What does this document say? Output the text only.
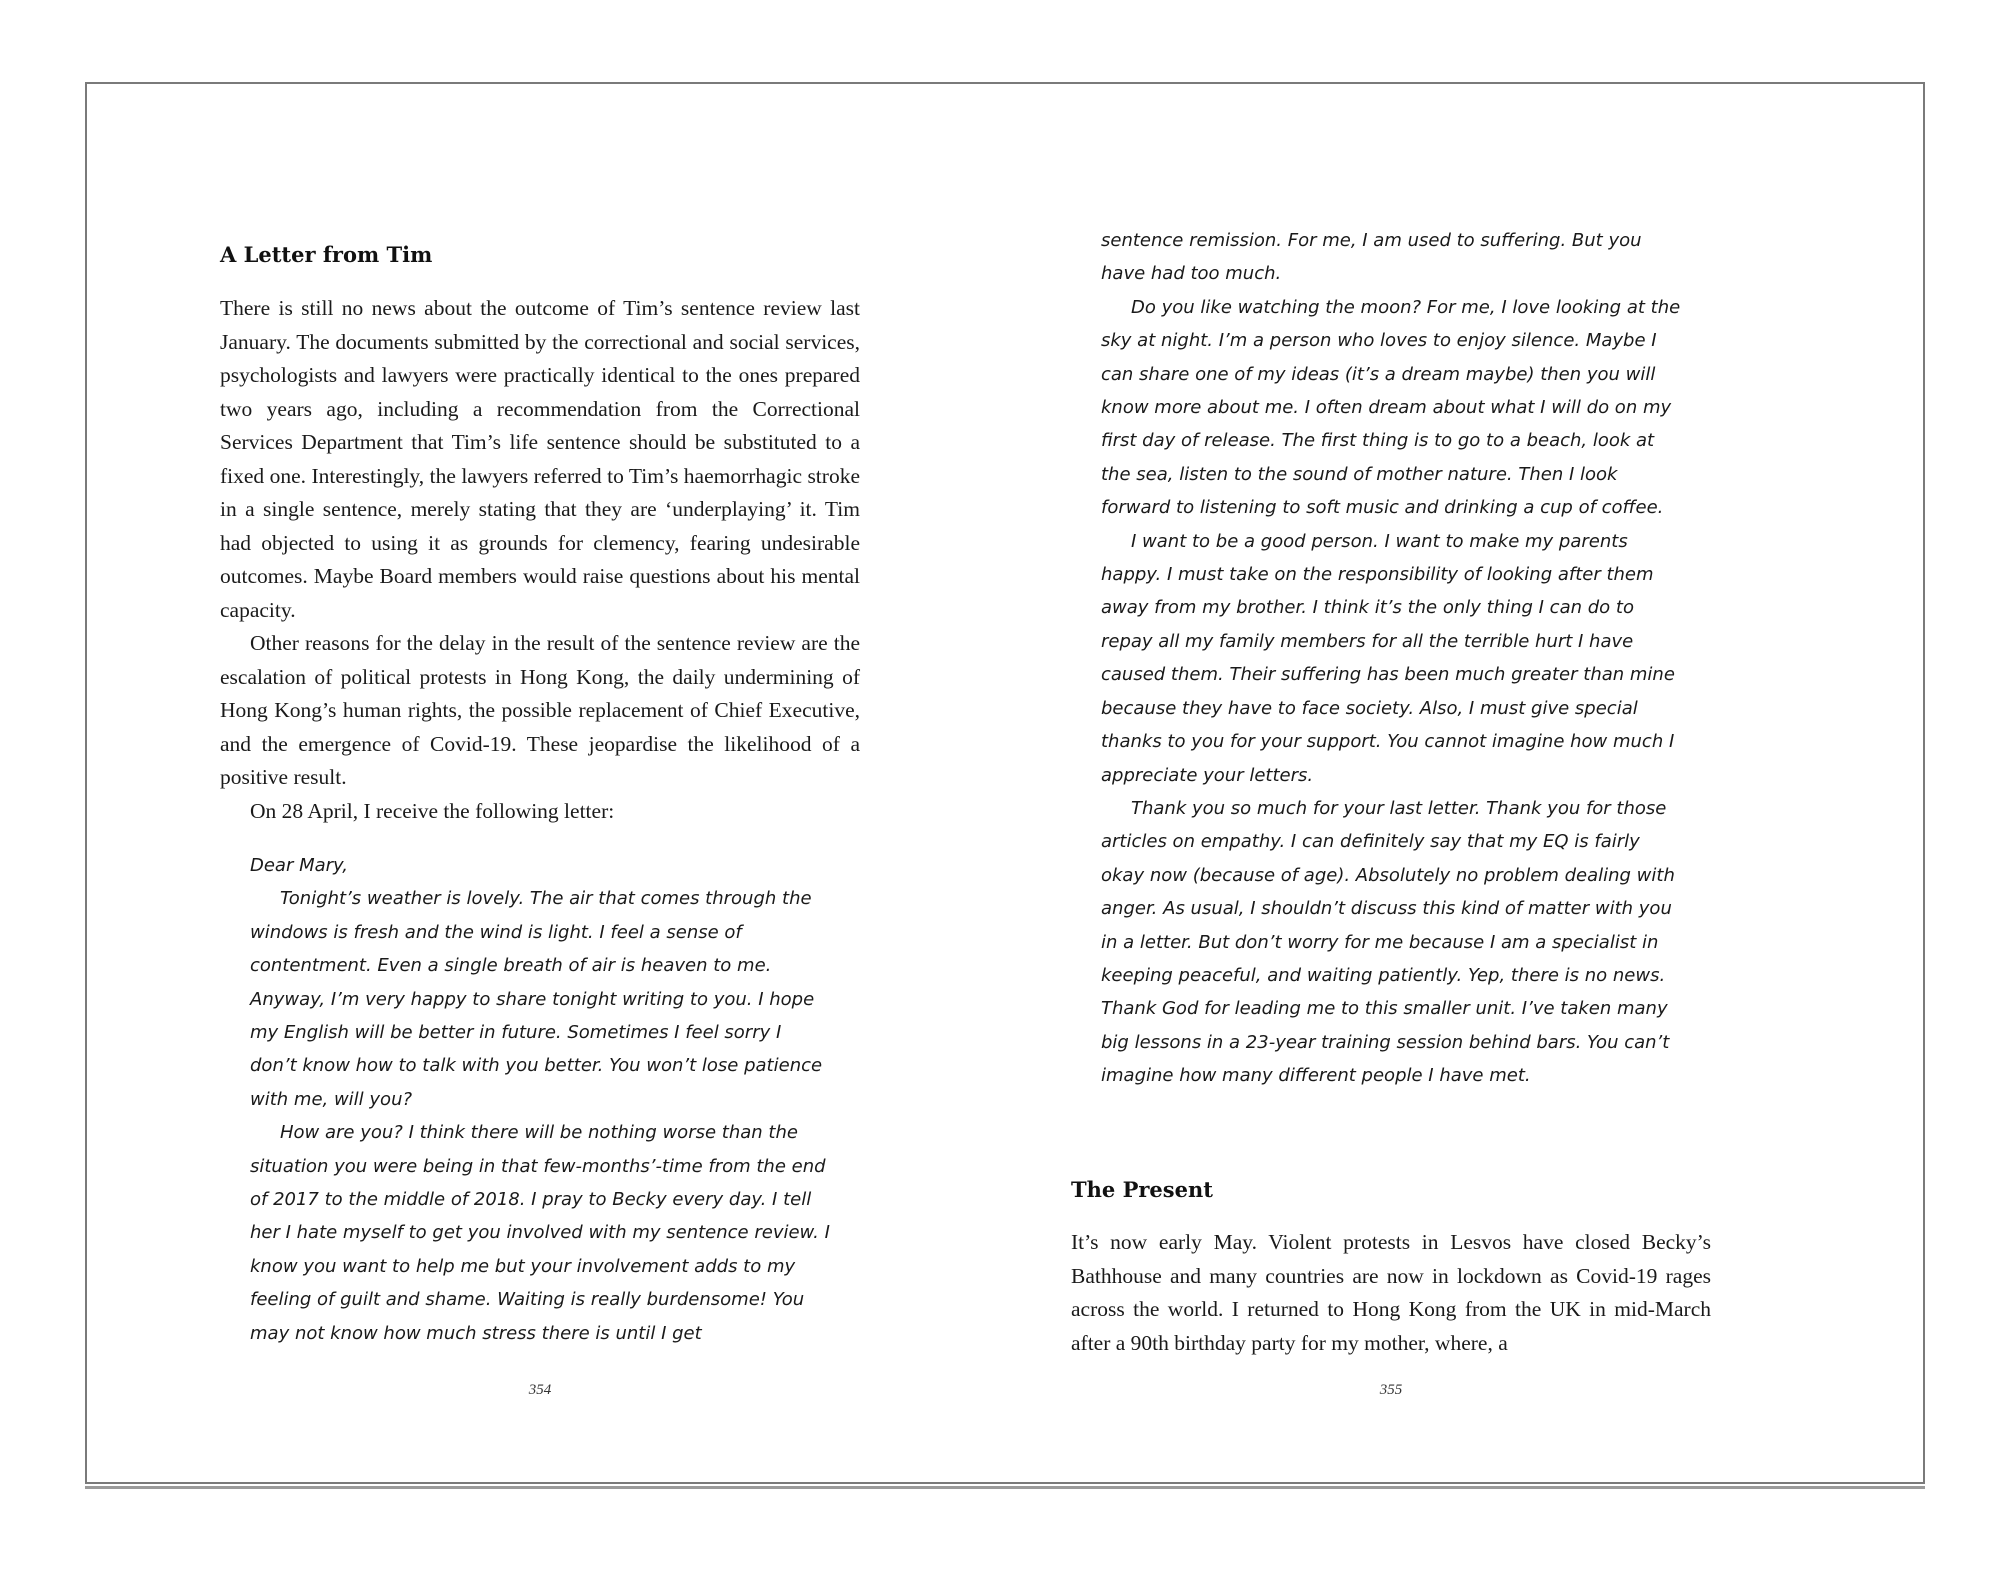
A Letter from Tim

There is still no news about the outcome of Tim’s sentence review last January. The documents submitted by the correctional and social services, psychologists and lawyers were practically identical to the ones prepared two years ago, including a recommendation from the Correctional Services Department that Tim’s life sentence should be substituted to a fixed one. Interestingly, the lawyers referred to Tim’s haemorrhagic stroke in a single sentence, merely stating that they are ‘underplaying’ it. Tim had objected to using it as grounds for clemency, fearing undesirable outcomes. Maybe Board members would raise questions about his mental capacity.

Other reasons for the delay in the result of the sentence review are the escalation of political protests in Hong Kong, the daily undermining of Hong Kong’s human rights, the possible replacement of Chief Executive, and the emergence of Covid-19. These jeopardise the likelihood of a positive result.

On 28 April, I receive the following letter:

Dear Mary,

Tonight’s weather is lovely. The air that comes through the windows is fresh and the wind is light. I feel a sense of contentment. Even a single breath of air is heaven to me. Anyway, I’m very happy to share tonight writing to you. I hope my English will be better in future. Sometimes I feel sorry I don’t know how to talk with you better. You won’t lose patience with me, will you?

How are you? I think there will be nothing worse than the situation you were being in that few-months’-time from the end of 2017 to the middle of 2018. I pray to Becky every day. I tell her I hate myself to get you involved with my sentence review. I know you want to help me but your involvement adds to my feeling of guilt and shame. Waiting is really burdensome! You may not know how much stress there is until I get

354

sentence remission. For me, I am used to suffering. But you have had too much.

Do you like watching the moon? For me, I love looking at the sky at night. I’m a person who loves to enjoy silence. Maybe I can share one of my ideas (it’s a dream maybe) then you will know more about me. I often dream about what I will do on my first day of release. The first thing is to go to a beach, look at the sea, listen to the sound of mother nature. Then I look forward to listening to soft music and drinking a cup of coffee.

I want to be a good person. I want to make my parents happy. I must take on the responsibility of looking after them away from my brother. I think it’s the only thing I can do to repay all my family members for all the terrible hurt I have caused them. Their suffering has been much greater than mine because they have to face society. Also, I must give special thanks to you for your support. You cannot imagine how much I appreciate your letters.

Thank you so much for your last letter. Thank you for those articles on empathy. I can definitely say that my EQ is fairly okay now (because of age). Absolutely no problem dealing with anger. As usual, I shouldn’t discuss this kind of matter with you in a letter. But don’t worry for me because I am a specialist in keeping peaceful, and waiting patiently. Yep, there is no news. Thank God for leading me to this smaller unit. I’ve taken many big lessons in a 23-year training session behind bars. You can’t imagine how many different people I have met.

The Present

It’s now early May. Violent protests in Lesvos have closed Becky’s Bathhouse and many countries are now in lockdown as Covid-19 rages across the world. I returned to Hong Kong from the UK in mid-March after a 90th birthday party for my mother, where, a

355
